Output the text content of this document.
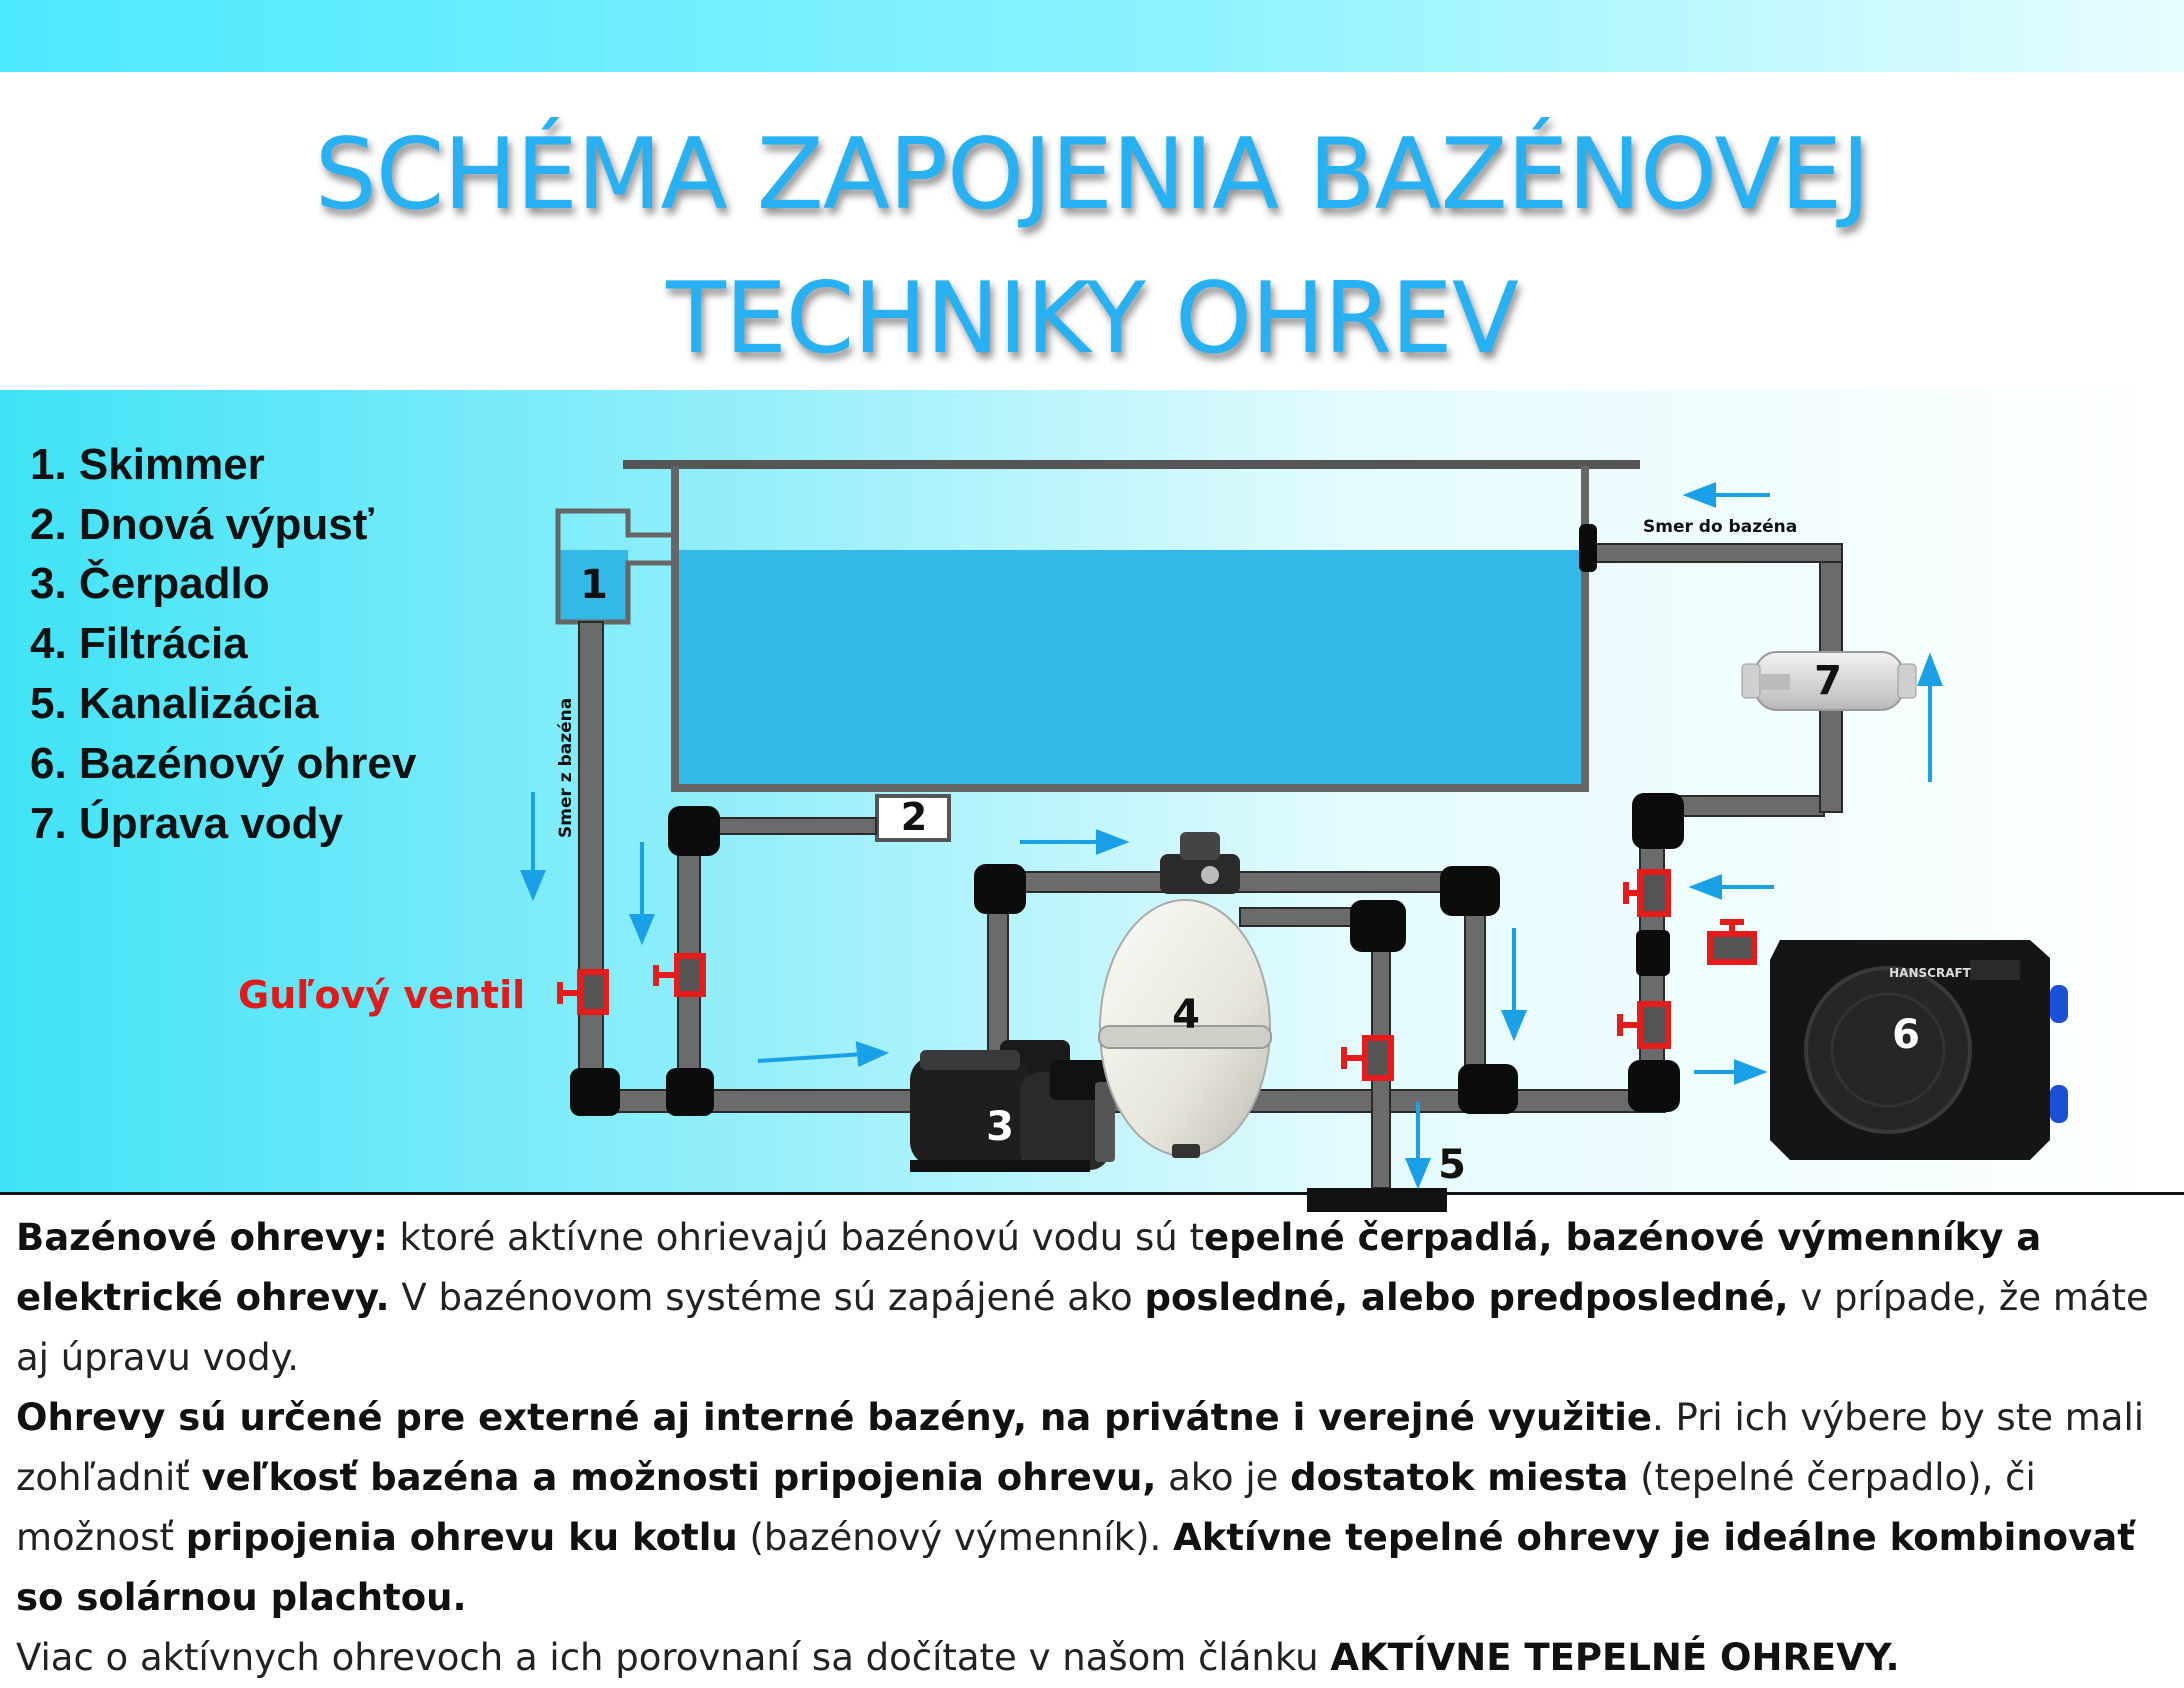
SCHÉMA ZAPOJENIA BAZÉNOVEJ
TECHNIKY OHREV
1
2
3
4
5
HANSCRAFT
6
7
Smer z bazéna
Smer do bazéna
1. Skimmer
2. Dnová výpusť
3. Čerpadlo
4. Filtrácia
5. Kanalizácia
6. Bazénový ohrev
7. Úprava vody
Guľový ventil

Bazénové ohrevy: ktoré aktívne ohrievajú bazénovú vodu sú tepelné čerpadlá, bazénové výmenníky a elektrické ohrevy. V bazénovom systéme sú zapájené ako posledné, alebo predposledné, v prípade, že máte aj úpravu vody.

Ohrevy sú určené pre externé aj interné bazény, na privátne i verejné využitie. Pri ich výbere by ste mali zohľadniť veľkosť bazéna a možnosti pripojenia ohrevu, ako je dostatok miesta (tepelné čerpadlo), či možnosť pripojenia ohrevu ku kotlu (bazénový výmenník). Aktívne tepelné ohrevy je ideálne kombinovať so solárnou plachtou.

Viac o aktívnych ohrevoch a ich porovnaní sa dočítate v našom článku AKTÍVNE TEPELNÉ OHREVY.
